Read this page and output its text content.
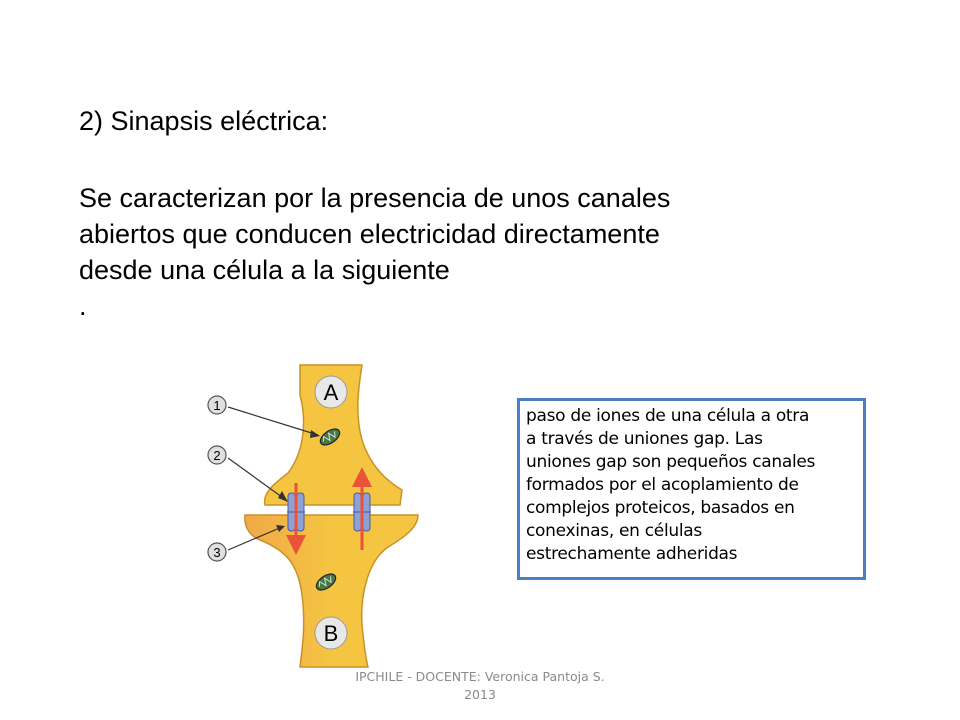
2) Sinapsis eléctrica:

Se caracterizan por la presencia de unos canales
abiertos que conducen electricidad directamente
desde una célula a la siguiente
.

A
B
1
2
3

paso de iones de una célula a otra
a través de uniones gap. Las
uniones gap son pequeños canales
formados por el acoplamiento de
complejos proteicos, basados en
conexinas, en células
estrechamente adheridas

IPCHILE - DOCENTE: Veronica Pantoja S.
2013
